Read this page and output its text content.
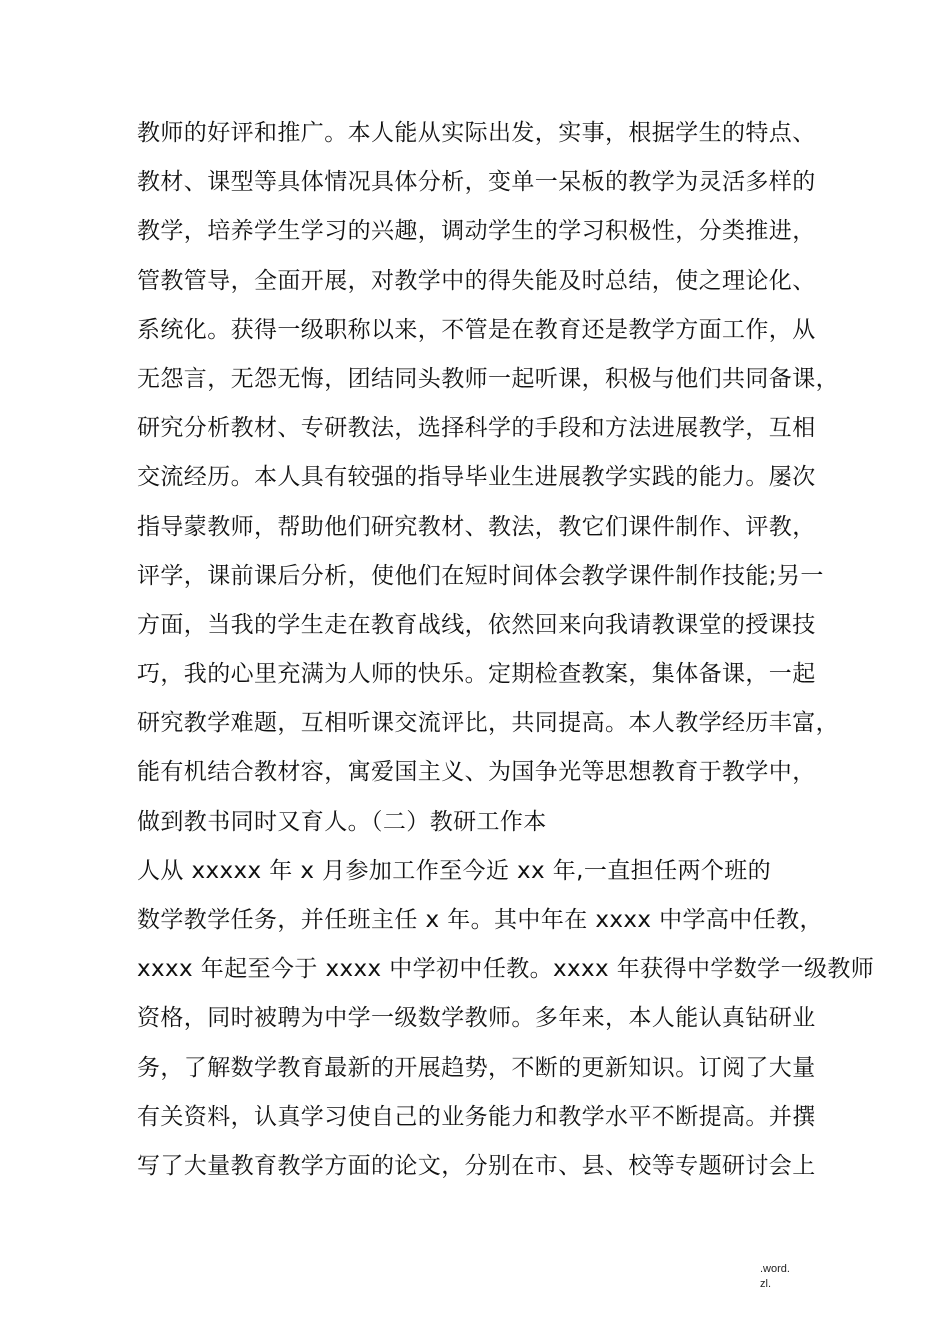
教师的好评和推广。本人能从实际出发，实事，根据学生的特点、
教材、课型等具体情况具体分析，变单一呆板的教学为灵活多样的
教学，培养学生学习的兴趣，调动学生的学习积极性，分类推进，
管教管导，全面开展，对教学中的得失能及时总结，使之理论化、
系统化。获得一级职称以来，不管是在教育还是教学方面工作，从
无怨言，无怨无悔，团结同头教师一起听课，积极与他们共同备课，
研究分析教材、专研教法，选择科学的手段和方法进展教学，互相
交流经历。本人具有较强的指导毕业生进展教学实践的能力。屡次
指导蒙教师，帮助他们研究教材、教法，教它们课件制作、评教，
评学，课前课后分析，使他们在短时间体会教学课件制作技能;另一
方面，当我的学生走在教育战线，依然回来向我请教课堂的授课技
巧，我的心里充满为人师的快乐。定期检查教案，集体备课，一起
研究教学难题，互相听课交流评比，共同提高。本人教学经历丰富，
能有机结合教材容，寓爱国主义、为国争光等思想教育于教学中，
做到教书同时又育人。（二）教研工作本
人从 xxxxx 年 x 月参加工作至今近 xx 年,一直担任两个班的
数学教学任务，并任班主任 x 年。其中年在 xxxx 中学高中任教，
xxxx 年起至今于 xxxx 中学初中任教。xxxx 年获得中学数学一级教师
资格，同时被聘为中学一级数学教师。多年来，本人能认真钻研业
务，了解数学教育最新的开展趋势，不断的更新知识。订阅了大量
有关资料，认真学习使自己的业务能力和教学水平不断提高。并撰
写了大量教育教学方面的论文，分别在市、县、校等专题研讨会上
.word.
zl.
